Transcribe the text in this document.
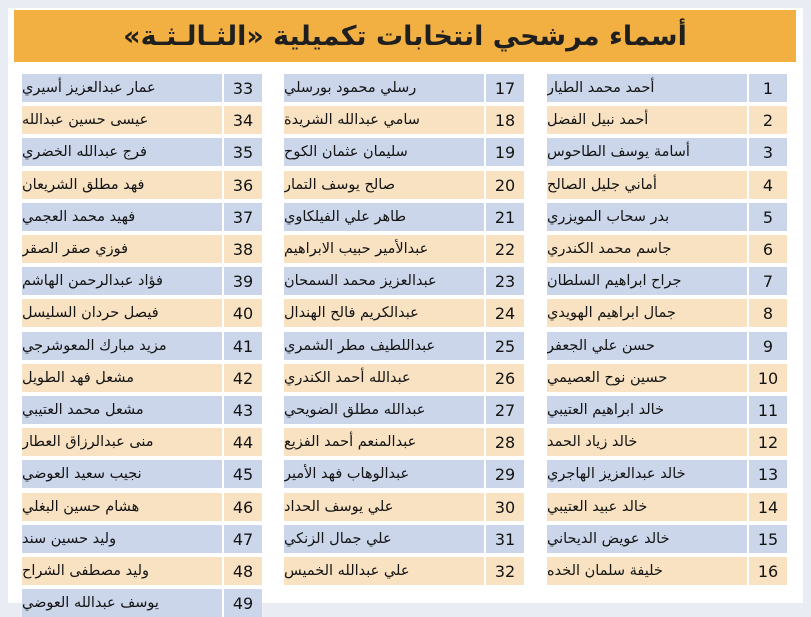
أسماء مرشحي انتخابات تكميلية «الثـالـثـة»
عمار عبدالعزيز أسيري	33
عيسى حسين عبدالله	34
فرج عبدالله الخضري	35
فهد مطلق الشريعان	36
فهيد محمد العجمي	37
فوزي صقر الصقر	38
فؤاد عبدالرحمن الهاشم	39
فيصل حردان السليسل	40
مزيد مبارك المعوشرجي	41
مشعل فهد الطويل	42
مشعل محمد العتيبي	43
منى عبدالرزاق العطار	44
نجيب سعيد العوضي	45
هشام حسين البغلي	46
وليد حسين سند	47
وليد مصطفى الشراح	48
يوسف عبدالله العوضي	49
رسلي محمود بورسلي	17
سامي عبدالله الشريدة	18
سليمان عثمان الكوح	19
صالح يوسف التمار	20
طاهر علي الفيلكاوي	21
عبدالأمير حبيب الابراهيم	22
عبدالعزيز محمد السمحان	23
عبدالكريم فالح الهندال	24
عبداللطيف مطر الشمري	25
عبدالله أحمد الكندري	26
عبدالله مطلق الضويحي	27
عبدالمنعم أحمد الفزيع	28
عبدالوهاب فهد الأمير	29
علي يوسف الحداد	30
علي جمال الزنكي	31
علي عبدالله الخميس	32
أحمد محمد الطيار	1
أحمد نبيل الفضل	2
أسامة يوسف الطاحوس	3
أماني جليل الصالح	4
بدر سحاب المويزري	5
جاسم محمد الكندري	6
جراح ابراهيم السلطان	7
جمال ابراهيم الهويدي	8
حسن علي الجعفر	9
حسين نوح العصيمي	10
خالد ابراهيم العتيبي	11
خالد زياد الحمد	12
خالد عبدالعزيز الهاجري	13
خالد عبيد العتيبي	14
خالد عويض الديحاني	15
خليفة سلمان الخده	16
